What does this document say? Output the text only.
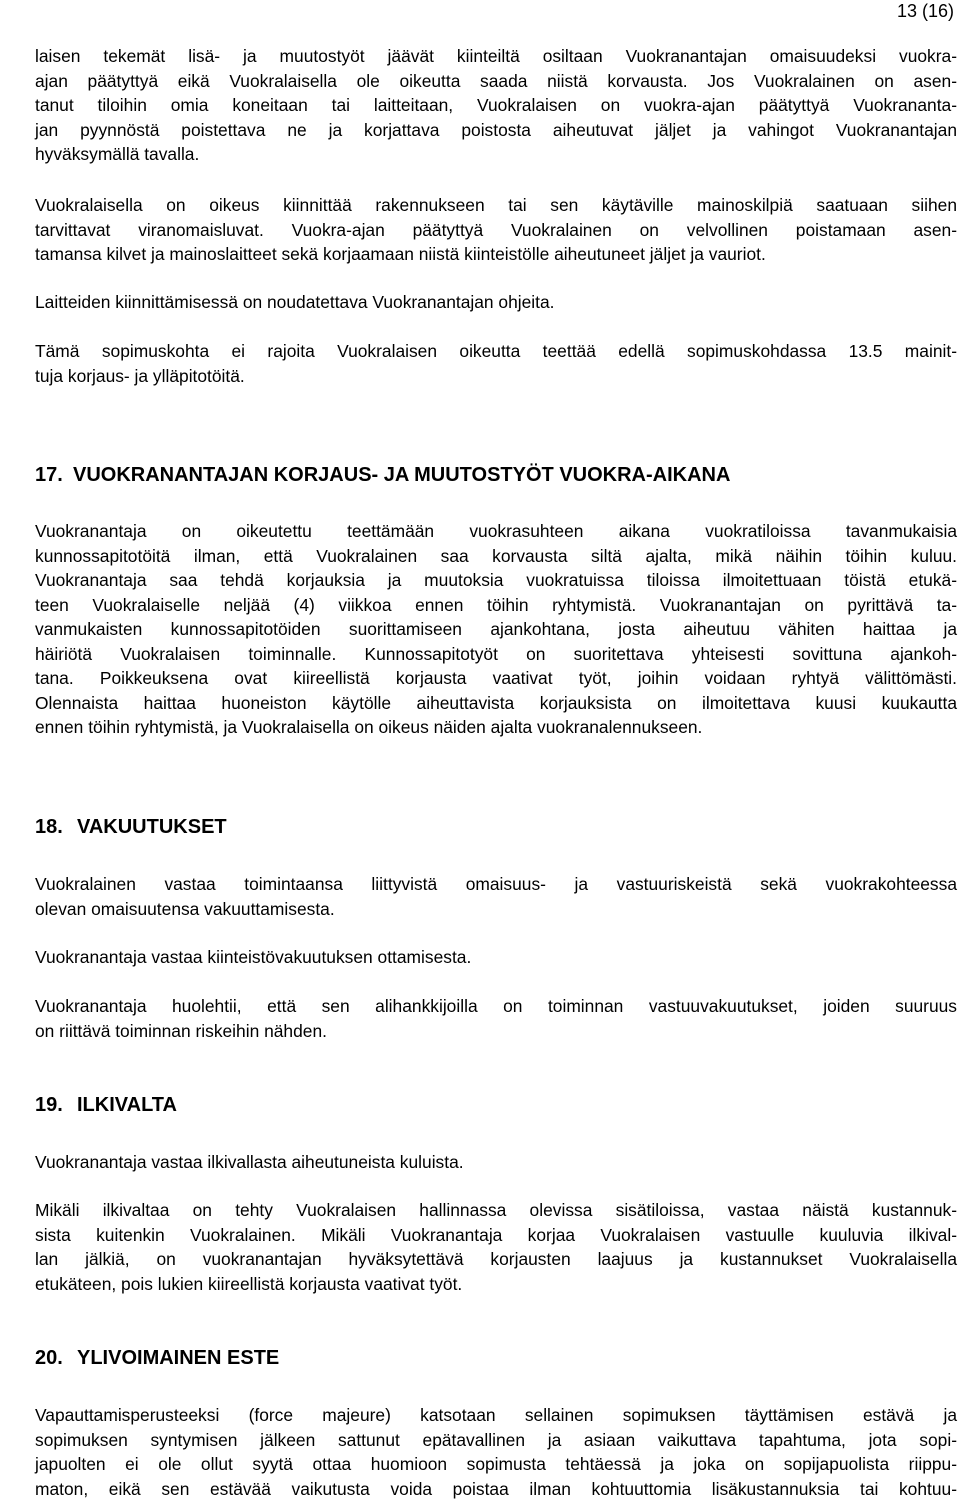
13 (16)
laisen tekemät lisä- ja muutostyöt jäävät kiinteiltä osiltaan Vuokranantajan omaisuudeksi vuokra-
ajan päätyttyä eikä Vuokralaisella ole oikeutta saada niistä korvausta. Jos Vuokralainen on asen-
tanut tiloihin omia koneitaan tai laitteitaan, Vuokralaisen on vuokra-ajan päätyttyä Vuokrananta-
jan pyynnöstä poistettava ne ja korjattava poistosta aiheutuvat jäljet ja vahingot Vuokranantajan
hyväksymällä tavalla.
Vuokralaisella on oikeus kiinnittää rakennukseen tai sen käytäville mainoskilpiä saatuaan siihen
tarvittavat viranomaisluvat. Vuokra-ajan päätyttyä Vuokralainen on velvollinen poistamaan asen-
tamansa kilvet ja mainoslaitteet sekä korjaamaan niistä kiinteistölle aiheutuneet jäljet ja vauriot.
Laitteiden kiinnittämisessä on noudatettava Vuokranantajan ohjeita.
Tämä sopimuskohta ei rajoita Vuokralaisen oikeutta teettää edellä sopimuskohdassa 13.5 mainit-
tuja korjaus- ja ylläpitotöitä.
17. VUOKRANANTAJAN KORJAUS- JA MUUTOSTYÖT VUOKRA-AIKANA
Vuokranantaja on oikeutettu teettämään vuokrasuhteen aikana vuokratiloissa tavanmukaisia
kunnossapitotöitä ilman, että Vuokralainen saa korvausta siltä ajalta, mikä näihin töihin kuluu.
Vuokranantaja saa tehdä korjauksia ja muutoksia vuokratuissa tiloissa ilmoitettuaan töistä etukä-
teen Vuokralaiselle neljää (4) viikkoa ennen töihin ryhtymistä. Vuokranantajan on pyrittävä ta-
vanmukaisten kunnossapitotöiden suorittamiseen ajankohtana, josta aiheutuu vähiten haittaa ja
häiriötä Vuokralaisen toiminnalle. Kunnossapitotyöt on suoritettava yhteisesti sovittuna ajankoh-
tana. Poikkeuksena ovat kiireellistä korjausta vaativat työt, joihin voidaan ryhtyä välittömästi.
Olennaista haittaa huoneiston käytölle aiheuttavista korjauksista on ilmoitettava kuusi kuukautta
ennen töihin ryhtymistä, ja Vuokralaisella on oikeus näiden ajalta vuokranalennukseen.
18. VAKUUTUKSET
Vuokralainen vastaa toimintaansa liittyvistä omaisuus- ja vastuuriskeistä sekä vuokrakohteessa
olevan omaisuutensa vakuuttamisesta.
Vuokranantaja vastaa kiinteistövakuutuksen ottamisesta.
Vuokranantaja huolehtii, että sen alihankkijoilla on toiminnan vastuuvakuutukset, joiden suuruus
on riittävä toiminnan riskeihin nähden.
19. ILKIVALTA
Vuokranantaja vastaa ilkivallasta aiheutuneista kuluista.
Mikäli ilkivaltaa on tehty Vuokralaisen hallinnassa olevissa sisätiloissa, vastaa näistä kustannuk-
sista kuitenkin Vuokralainen. Mikäli Vuokranantaja korjaa Vuokralaisen vastuulle kuuluvia ilkival-
lan jälkiä, on vuokranantajan hyväksytettävä korjausten laajuus ja kustannukset Vuokralaisella
etukäteen, pois lukien kiireellistä korjausta vaativat työt.
20. YLIVOIMAINEN ESTE
Vapauttamisperusteeksi (force majeure) katsotaan sellainen sopimuksen täyttämisen estävä ja
sopimuksen syntymisen jälkeen sattunut epätavallinen ja asiaan vaikuttava tapahtuma, jota sopi-
japuolten ei ole ollut syytä ottaa huomioon sopimusta tehtäessä ja joka on sopijapuolista riippu-
maton, eikä sen estävää vaikutusta voida poistaa ilman kohtuuttomia lisäkustannuksia tai kohtuu-
